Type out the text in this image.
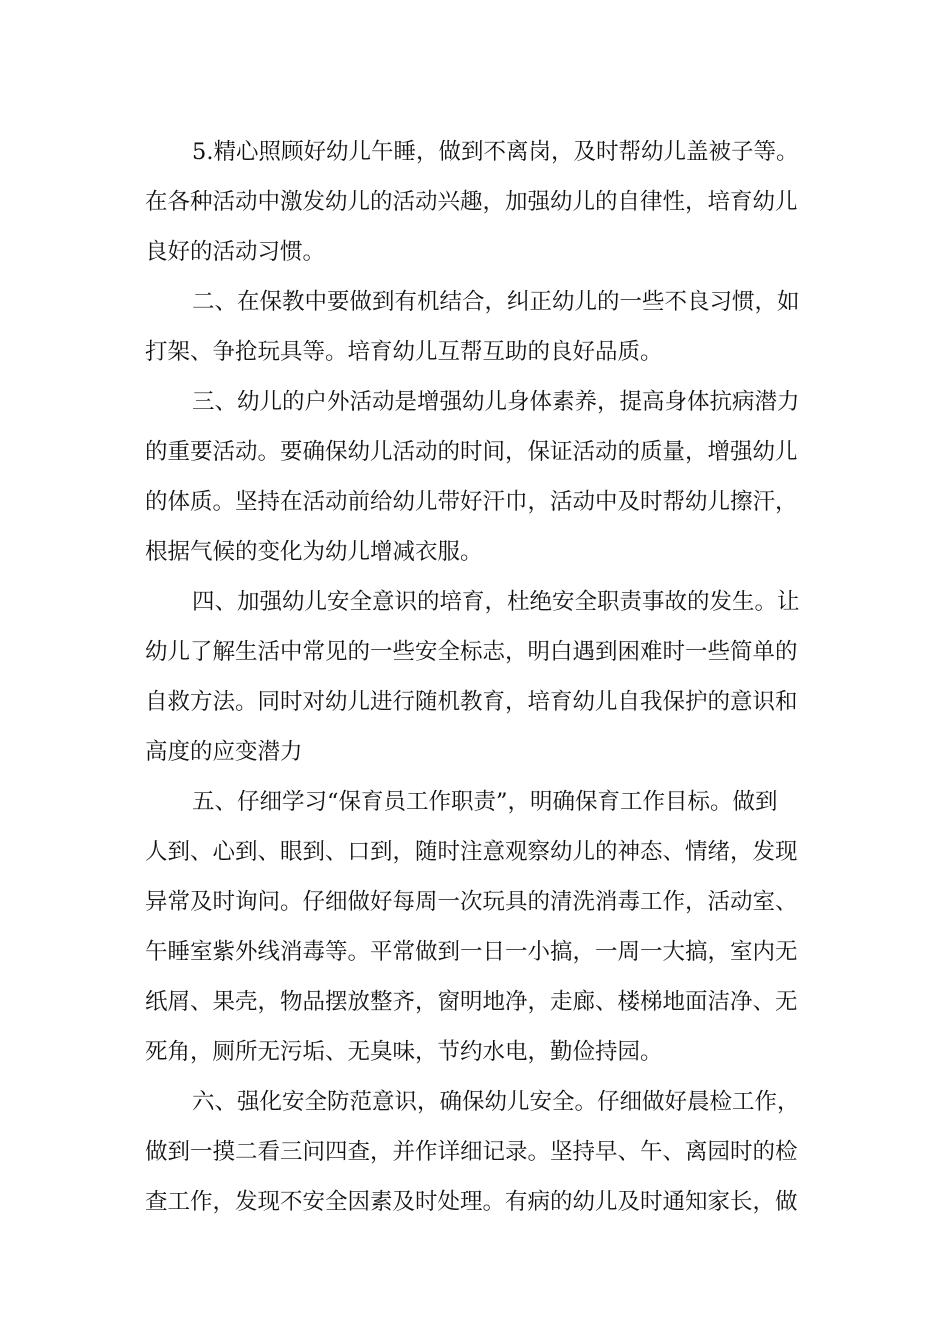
5.精心照顾好幼儿午睡，做到不离岗，及时帮幼儿盖被子等。
在各种活动中激发幼儿的活动兴趣，加强幼儿的自律性，培育幼儿
良好的活动习惯。
二、在保教中要做到有机结合，纠正幼儿的一些不良习惯，如
打架、争抢玩具等。培育幼儿互帮互助的良好品质。
三、幼儿的户外活动是增强幼儿身体素养，提高身体抗病潜力
的重要活动。要确保幼儿活动的时间，保证活动的质量，增强幼儿
的体质。坚持在活动前给幼儿带好汗巾，活动中及时帮幼儿擦汗，
根据气候的变化为幼儿增减衣服。
四、加强幼儿安全意识的培育，杜绝安全职责事故的发生。让
幼儿了解生活中常见的一些安全标志，明白遇到困难时一些简单的
自救方法。同时对幼儿进行随机教育，培育幼儿自我保护的意识和
高度的应变潜力
五、仔细学习“保育员工作职责”，明确保育工作目标。做到
人到、心到、眼到、口到，随时注意观察幼儿的神态、情绪，发现
异常及时询问。仔细做好每周一次玩具的清洗消毒工作，活动室、
午睡室紫外线消毒等。平常做到一日一小搞，一周一大搞，室内无
纸屑、果壳，物品摆放整齐，窗明地净，走廊、楼梯地面洁净、无
死角，厕所无污垢、无臭味，节约水电，勤俭持园。
六、强化安全防范意识，确保幼儿安全。仔细做好晨检工作，
做到一摸二看三问四查，并作详细记录。坚持早、午、离园时的检
查工作，发现不安全因素及时处理。有病的幼儿及时通知家长，做
